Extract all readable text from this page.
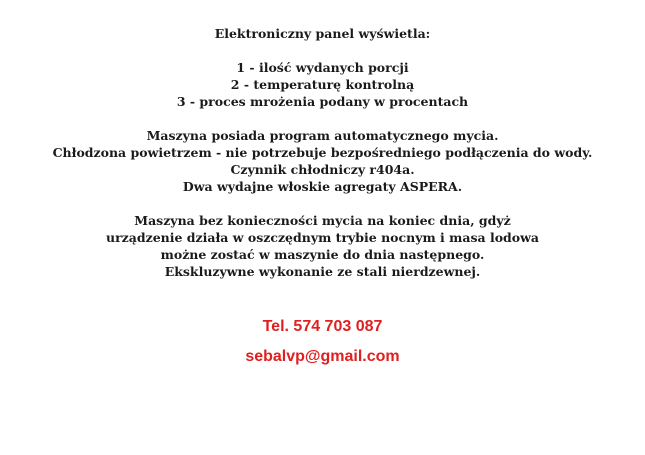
Elektroniczny panel wyświetla:
1 - ilość wydanych porcji
2 - temperaturę kontrolną
3 - proces mrożenia podany w procentach
Maszyna posiada program automatycznego mycia.
Chłodzona powietrzem - nie potrzebuje bezpośredniego podłączenia do wody.
Czynnik chłodniczy r404a.
Dwa wydajne włoskie agregaty ASPERA.
Maszyna bez konieczności mycia na koniec dnia, gdyż
urządzenie działa w oszczędnym trybie nocnym i masa lodowa
możne zostać w maszynie do dnia następnego.
Ekskluzywne wykonanie ze stali nierdzewnej.
Tel. 574 703 087
sebalvp@gmail.com
